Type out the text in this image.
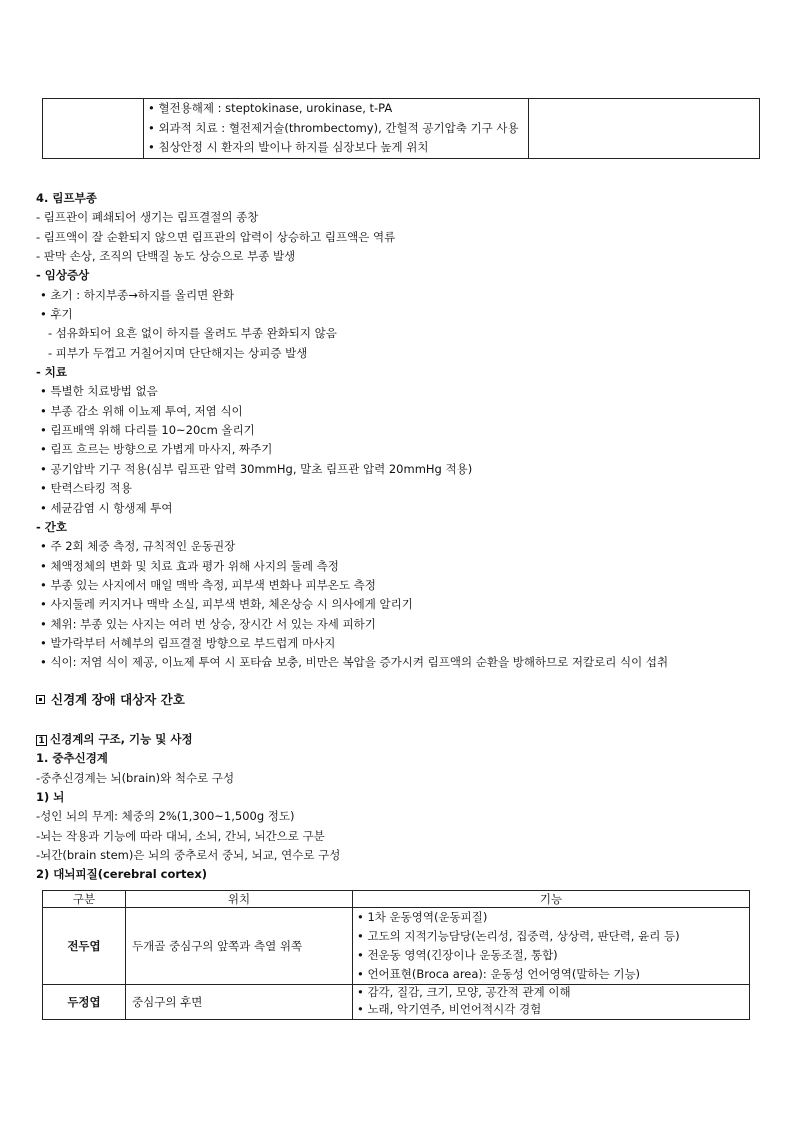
• 혈전용해제 : steptokinase, urokinase, t-PA
• 외과적 치료 : 혈전제거술(thrombectomy), 간헐적 공기압축 기구 사용
• 침상안정 시 환자의 발이나 하지를 심장보다 높게 위치

4. 림프부종
- 림프관이 폐쇄되어 생기는 림프결절의 종창
- 림프액이 잘 순환되지 않으면 림프관의 압력이 상승하고 림프액은 역류
- 판막 손상, 조직의 단백질 농도 상승으로 부종 발생
- 임상증상
• 초기 : 하지부종→하지를 올리면 완화
• 후기
- 섬유화되어 요흔 없이 하지를 올려도 부종 완화되지 않음
- 피부가 두껍고 거칠어지며 단단해지는 상피증 발생
- 치료
• 특별한 치료방법 없음
• 부종 감소 위해 이뇨제 투여, 저염 식이
• 림프배액 위해 다리를 10~20cm 올리기
• 림프 흐르는 방향으로 가볍게 마사지, 짜주기
• 공기압박 기구 적용(심부 림프관 압력 30mmHg, 말초 림프관 압력 20mmHg 적용)
• 탄력스타킹 적용
• 세균감염 시 항생제 투여
- 간호
• 주 2회 체중 측정, 규칙적인 운동권장
• 체액정체의 변화 및 치료 효과 평가 위해 사지의 둘레 측정
• 부종 있는 사지에서 매일 맥박 측정, 피부색 변화나 피부온도 측정
• 사지둘레 커지거나 맥박 소실, 피부색 변화, 체온상승 시 의사에게 알리기
• 체위: 부종 있는 사지는 여러 번 상승, 장시간 서 있는 자세 피하기
• 발가락부터 서혜부의 림프결절 방향으로 부드럽게 마사지
• 식이: 저염 식이 제공, 이뇨제 투여 시 포타슘 보충, 비만은 복압을 증가시켜 림프액의 순환을 방해하므로 저칼로리 식이 섭취
신경계 장애 대상자 간호
1 신경계의 구조, 기능 및 사정
1. 중추신경계
-중추신경계는 뇌(brain)와 척수로 구성
1) 뇌
-성인 뇌의 무게: 체중의 2%(1,300~1,500g 정도)
-뇌는 작용과 기능에 따라 대뇌, 소뇌, 간뇌, 뇌간으로 구분
-뇌간(brain stem)은 뇌의 중추로서 중뇌, 뇌교, 연수로 구성
2) 대뇌피질(cerebral cortex)
구분	위치	기능
전두엽	두개골 중심구의 앞쪽과 측열 위쪽	• 1차 운동영역(운동피질)
• 고도의 지적기능담당(논리성, 집중력, 상상력, 판단력, 윤리 등)
• 전운동 영역(긴장이나 운동조절, 통합)
• 언어표현(Broca area): 운동성 언어영역(말하는 기능)

두정엽	중심구의 후면	• 감각, 질감, 크기, 모양, 공간적 관계 이해
• 노래, 악기연주, 비언어적시각 경험
